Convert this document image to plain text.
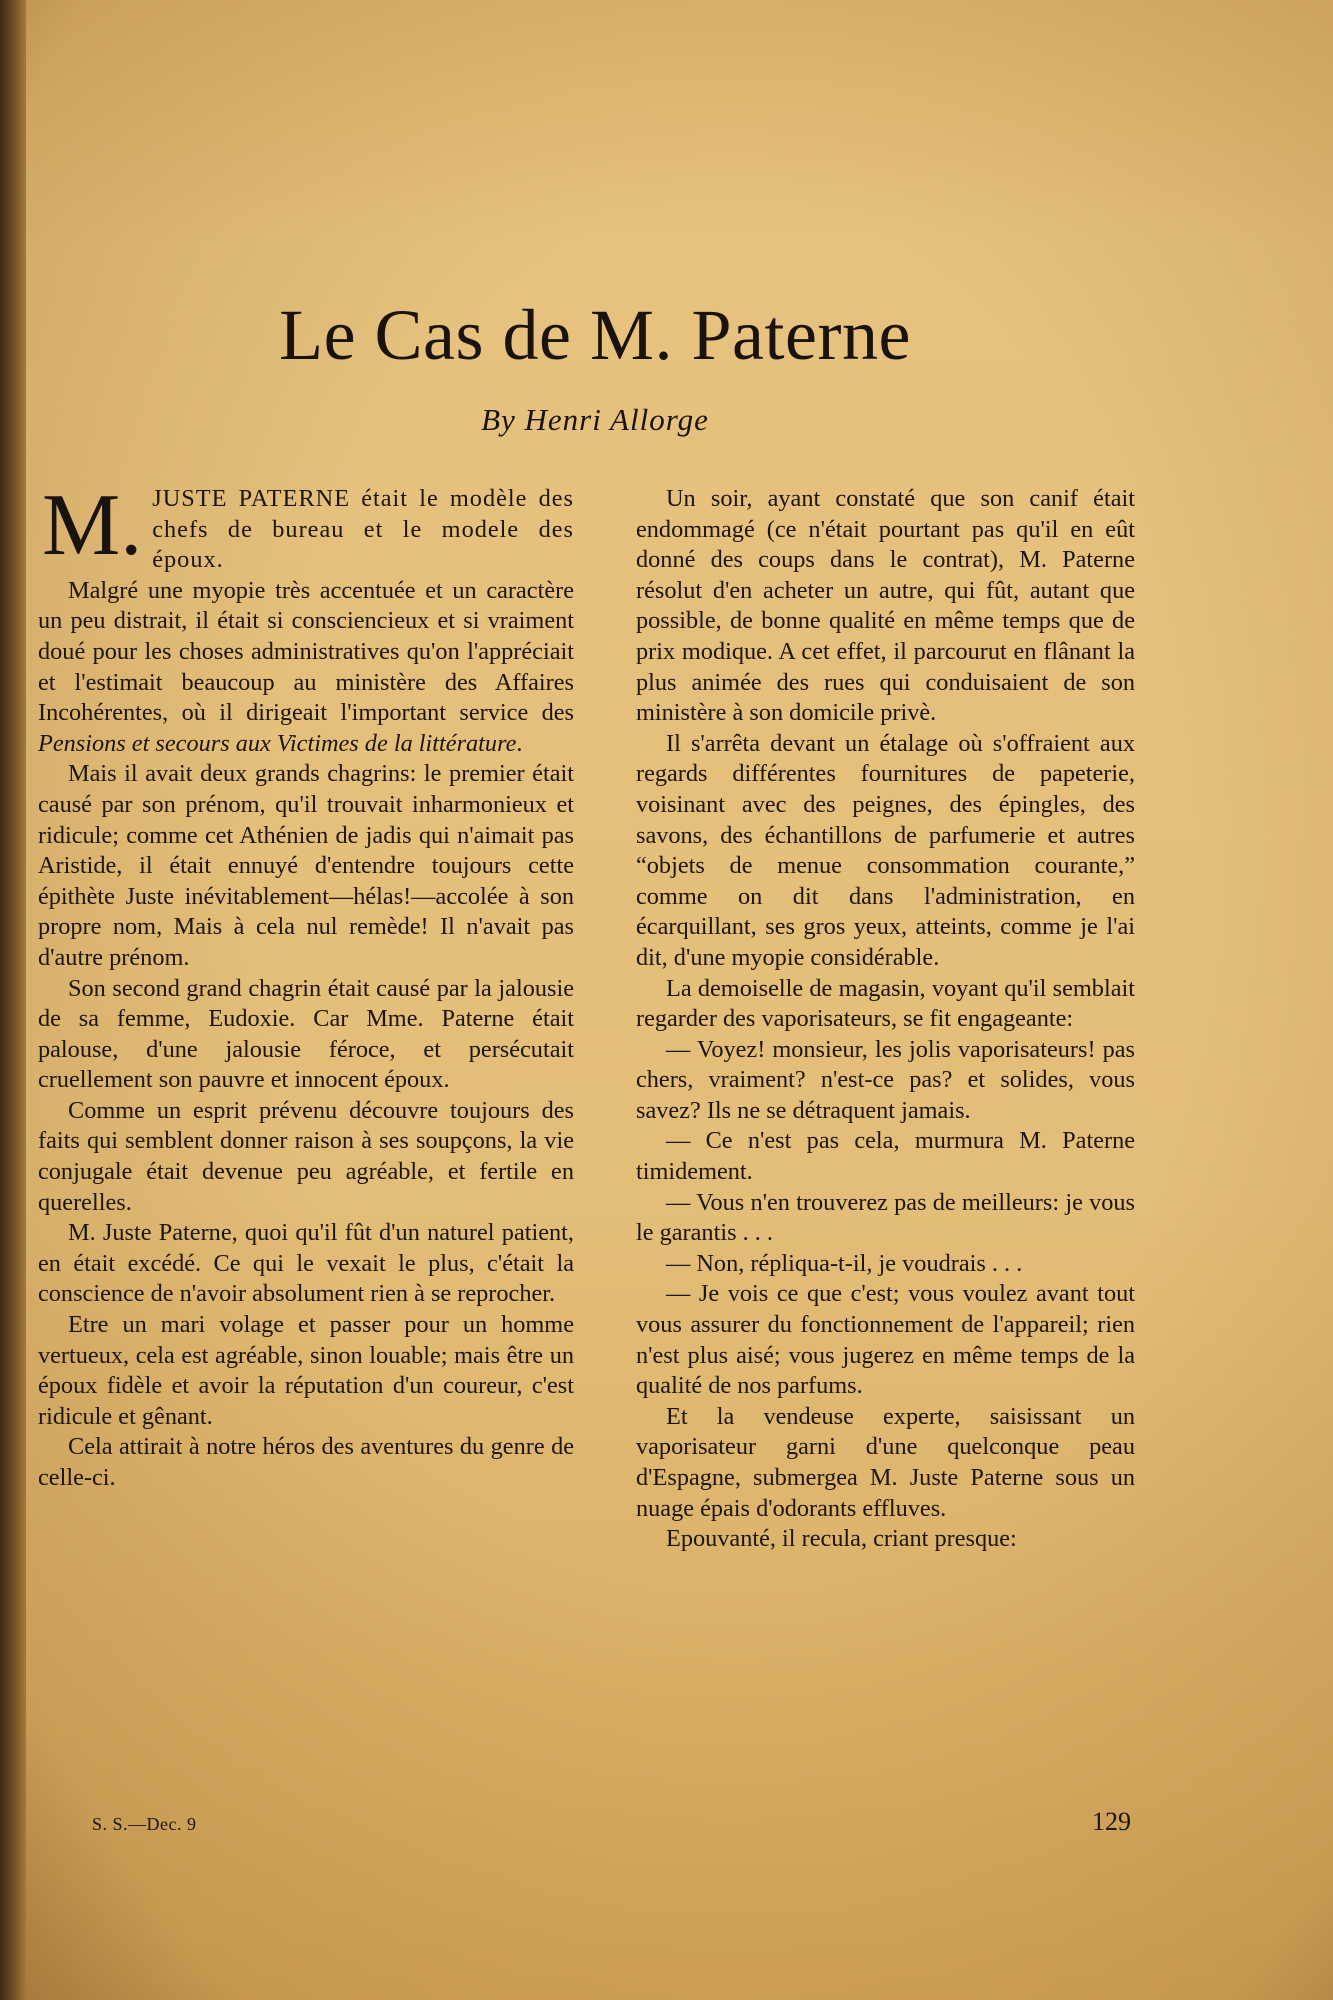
Le Cas de M. Paterne
By Henri Allorge

M. JUSTE PATERNE était le modèle des chefs de bureau et le modele des époux.

Malgré une myopie très accentuée et un caractère un peu distrait, il était si consciencieux et si vraiment doué pour les choses administratives qu'on l'appréciait et l'estimait beaucoup au ministère des Affaires Incohérentes, où il dirigeait l'important service des Pensions et secours aux Victimes de la littérature.

Mais il avait deux grands chagrins: le premier était causé par son prénom, qu'il trouvait inharmonieux et ridicule; comme cet Athénien de jadis qui n'aimait pas Aristide, il était ennuyé d'entendre toujours cette épithète Juste inévitablement—hélas!—accolée à son propre nom, Mais à cela nul remède! Il n'avait pas d'autre prénom.

Son second grand chagrin était causé par la jalousie de sa femme, Eudoxie. Car Mme. Paterne était palouse, d'une jalousie féroce, et persécutait cruellement son pauvre et innocent époux.

Comme un esprit prévenu découvre toujours des faits qui semblent donner raison à ses soupçons, la vie conjugale était devenue peu agréable, et fertile en querelles.

M. Juste Paterne, quoi qu'il fût d'un naturel patient, en était excédé. Ce qui le vexait le plus, c'était la conscience de n'avoir absolument rien à se reprocher.

Etre un mari volage et passer pour un homme vertueux, cela est agréable, sinon louable; mais être un époux fidèle et avoir la réputation d'un coureur, c'est ridicule et gênant.

Cela attirait à notre héros des aventures du genre de celle-ci.

Un soir, ayant constaté que son canif était endommagé (ce n'était pourtant pas qu'il en eût donné des coups dans le contrat), M. Paterne résolut d'en acheter un autre, qui fût, autant que possible, de bonne qualité en même temps que de prix modique. A cet effet, il parcourut en flânant la plus animée des rues qui conduisaient de son ministère à son domicile privè.

Il s'arrêta devant un étalage où s'offraient aux regards différentes fournitures de papeterie, voisinant avec des peignes, des épingles, des savons, des échantillons de parfumerie et autres “objets de menue consommation courante,” comme on dit dans l'administration, en écarquillant, ses gros yeux, atteints, comme je l'ai dit, d'une myopie considérable.

La demoiselle de magasin, voyant qu'il semblait regarder des vaporisateurs, se fit engageante:

— Voyez! monsieur, les jolis vaporisateurs! pas chers, vraiment? n'est-ce pas? et solides, vous savez? Ils ne se détraquent jamais.

— Ce n'est pas cela, murmura M. Paterne timidement.

— Vous n'en trouverez pas de meilleurs: je vous le garantis . . .

— Non, répliqua-t-il, je voudrais . . .

— Je vois ce que c'est; vous voulez avant tout vous assurer du fonctionnement de l'appareil; rien n'est plus aisé; vous jugerez en même temps de la qualité de nos parfums.

Et la vendeuse experte, saisissant un vaporisateur garni d'une quelconque peau d'Espagne, submergea M. Juste Paterne sous un nuage épais d'odorants effluves.

Epouvanté, il recula, criant presque:

S. S.—Dec. 9	129
